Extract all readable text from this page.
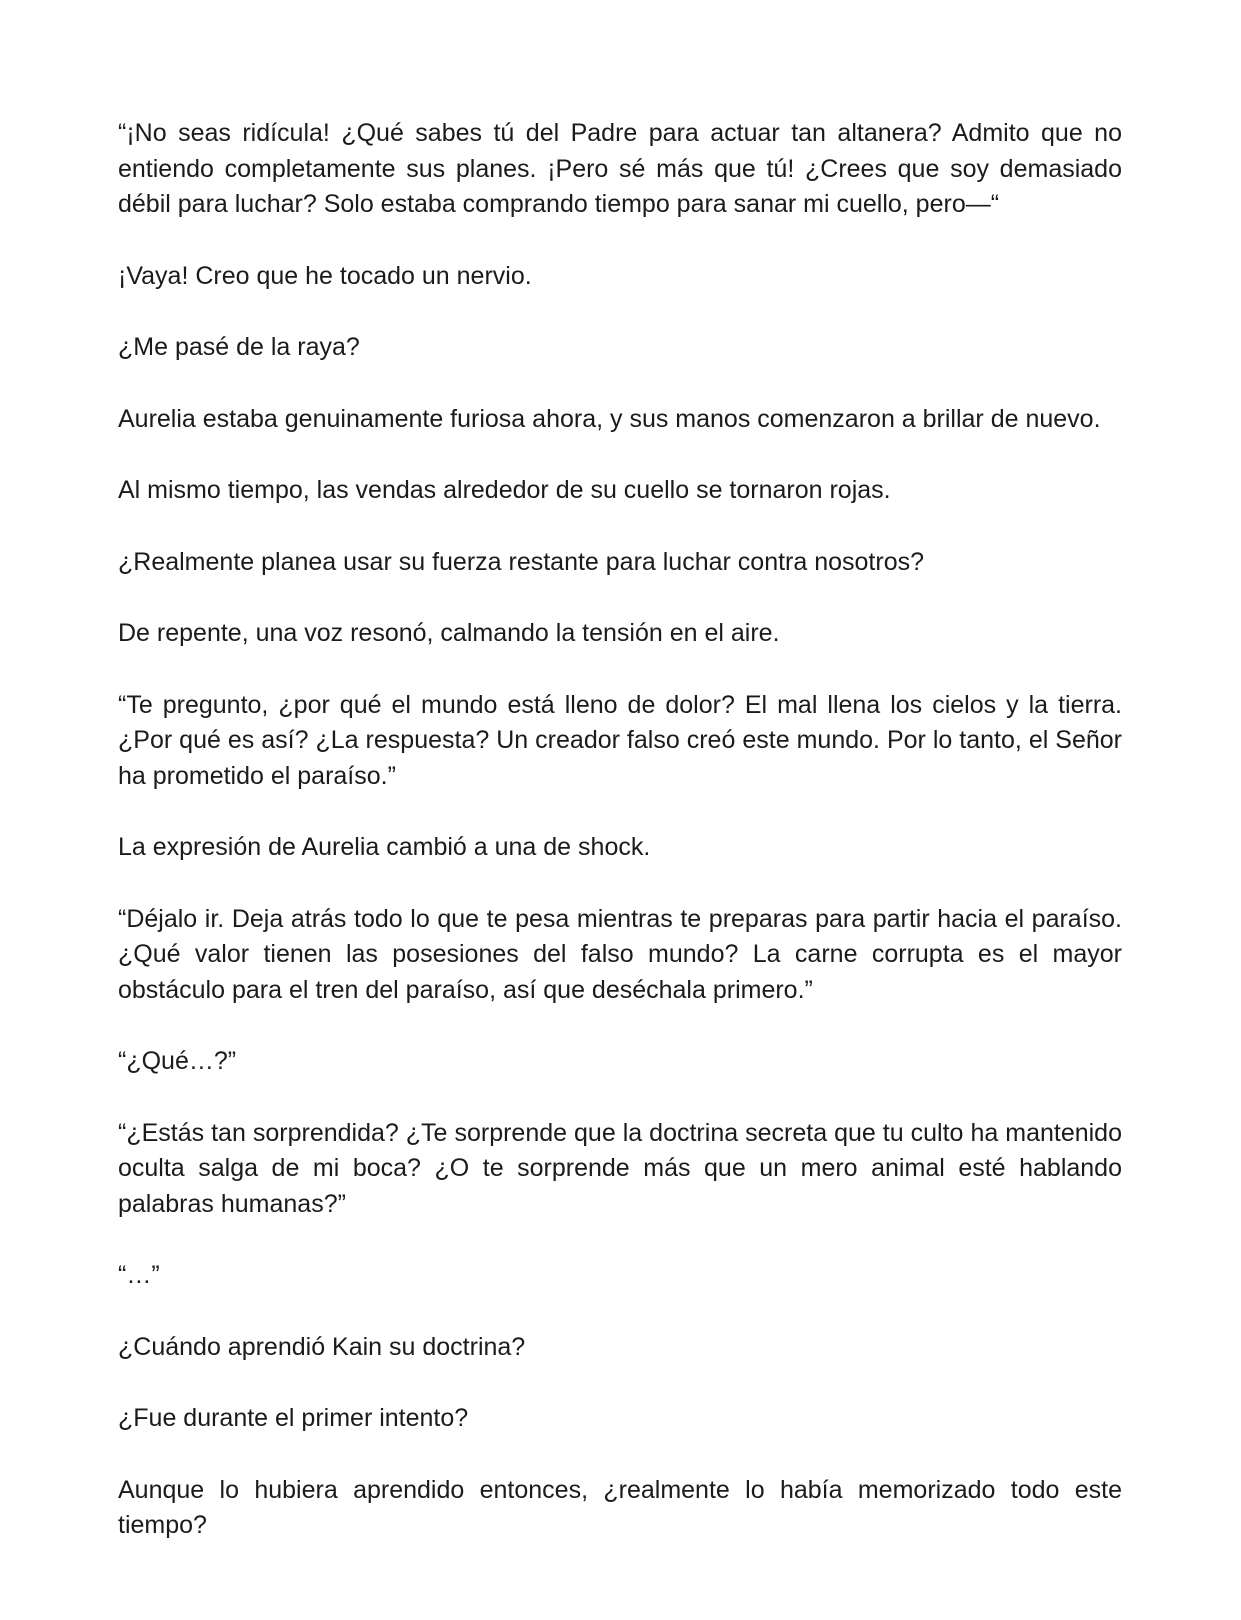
“¡No seas ridícula! ¿Qué sabes tú del Padre para actuar tan altanera? Admito que no entiendo completamente sus planes. ¡Pero sé más que tú! ¿Crees que soy demasiado débil para luchar? Solo estaba comprando tiempo para sanar mi cuello, pero—“

¡Vaya! Creo que he tocado un nervio.

¿Me pasé de la raya?

Aurelia estaba genuinamente furiosa ahora, y sus manos comenzaron a brillar de nuevo.

Al mismo tiempo, las vendas alrededor de su cuello se tornaron rojas.

¿Realmente planea usar su fuerza restante para luchar contra nosotros?

De repente, una voz resonó, calmando la tensión en el aire.

“Te pregunto, ¿por qué el mundo está lleno de dolor? El mal llena los cielos y la tierra. ¿Por qué es así? ¿La respuesta? Un creador falso creó este mundo. Por lo tanto, el Señor ha prometido el paraíso.”

La expresión de Aurelia cambió a una de shock.

“Déjalo ir. Deja atrás todo lo que te pesa mientras te preparas para partir hacia el paraíso. ¿Qué valor tienen las posesiones del falso mundo? La carne corrupta es el mayor obstáculo para el tren del paraíso, así que deséchala primero.”

“¿Qué…?”

“¿Estás tan sorprendida? ¿Te sorprende que la doctrina secreta que tu culto ha mantenido oculta salga de mi boca? ¿O te sorprende más que un mero animal esté hablando palabras humanas?”

“…”

¿Cuándo aprendió Kain su doctrina?

¿Fue durante el primer intento?

Aunque lo hubiera aprendido entonces, ¿realmente lo había memorizado todo este tiempo?
